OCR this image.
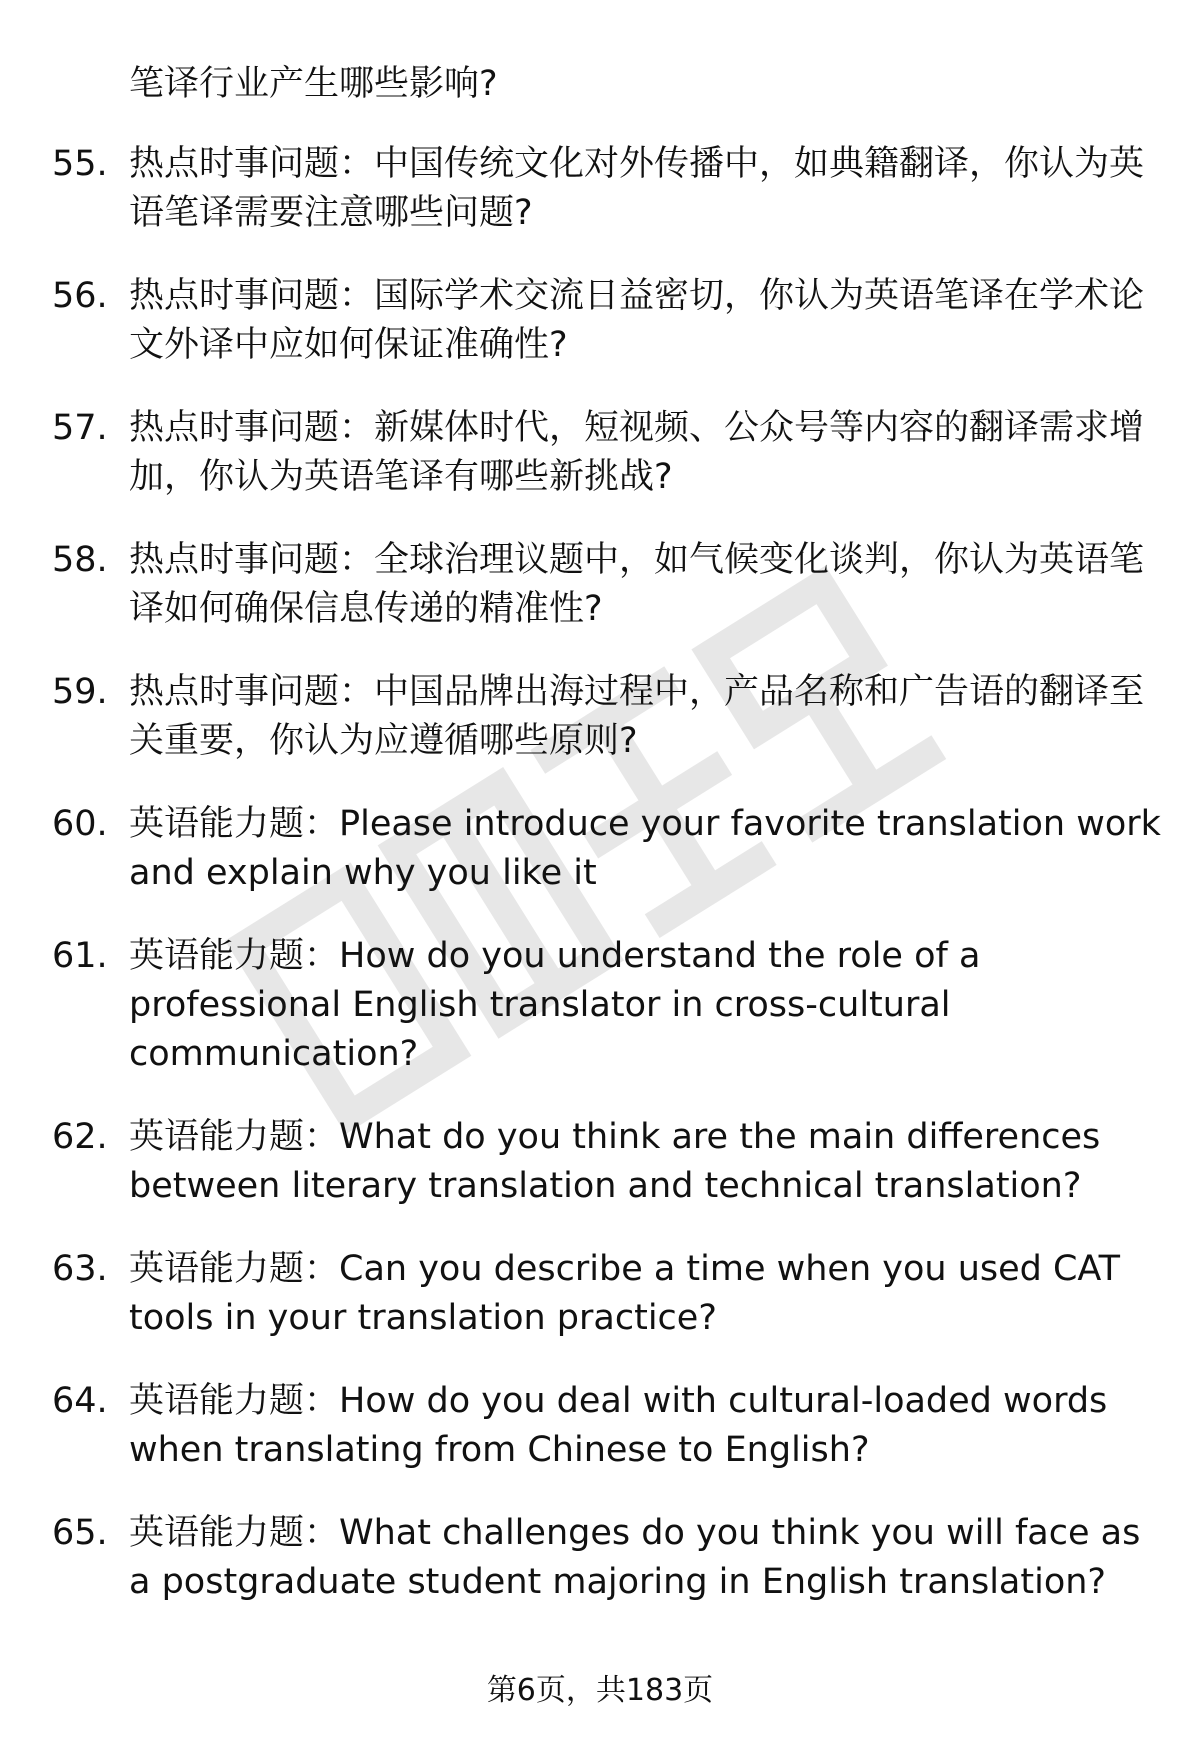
笔译行业产生哪些影响?

55. 热点时事问题：中国传统文化对外传播中，如典籍翻译，你认为英语笔译需要注意哪些问题?
56. 热点时事问题：国际学术交流日益密切，你认为英语笔译在学术论文外译中应如何保证准确性?
57. 热点时事问题：新媒体时代，短视频、公众号等内容的翻译需求增加，你认为英语笔译有哪些新挑战?
58. 热点时事问题：全球治理议题中，如气候变化谈判，你认为英语笔译如何确保信息传递的精准性?
59. 热点时事问题：中国品牌出海过程中，产品名称和广告语的翻译至关重要，你认为应遵循哪些原则?
60. 英语能力题：Please introduce your favorite translation work and explain why you like it
61. 英语能力题：How do you understand the role of a professional English translator in cross-cultural communication?
62. 英语能力题：What do you think are the main differences between literary translation and technical translation?
63. 英语能力题：Can you describe a time when you used CAT tools in your translation practice?
64. 英语能力题：How do you deal with cultural-loaded words when translating from Chinese to English?
65. 英语能力题：What challenges do you think you will face as a postgraduate student majoring in English translation?
第6页，共183页
